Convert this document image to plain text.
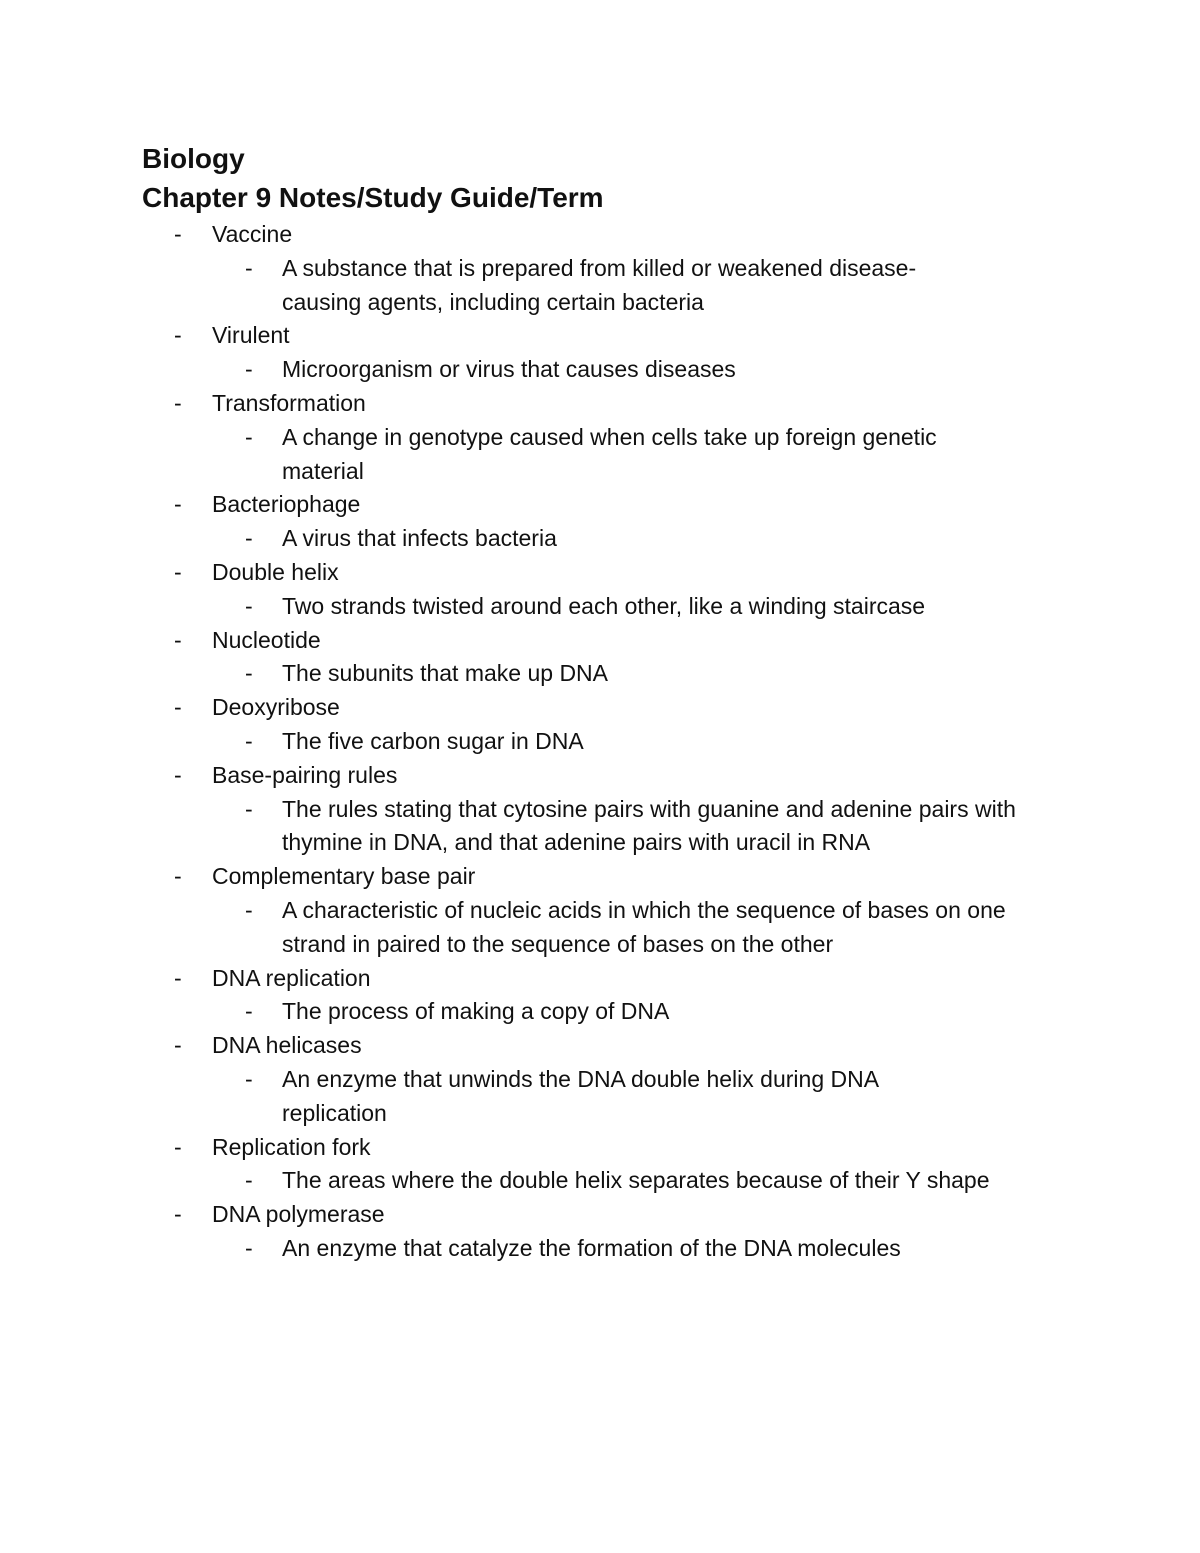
Biology
Chapter 9 Notes/Study Guide/Term
- Vaccine
- A substance that is prepared from killed or weakened disease-causing agents, including certain bacteria
- Virulent
- Microorganism or virus that causes diseases
- Transformation
- A change in genotype caused when cells take up foreign genetic material
- Bacteriophage
- A virus that infects bacteria
- Double helix
- Two strands twisted around each other, like a winding staircase
- Nucleotide
- The subunits that make up DNA
- Deoxyribose
- The five carbon sugar in DNA
- Base-pairing rules
- The rules stating that cytosine pairs with guanine and adenine pairs with thymine in DNA, and that adenine pairs with uracil in RNA
- Complementary base pair
- A characteristic of nucleic acids in which the sequence of bases on one strand in paired to the sequence of bases on the other
- DNA replication
- The process of making a copy of DNA
- DNA helicases
- An enzyme that unwinds the DNA double helix during DNA replication
- Replication fork
- The areas where the double helix separates because of their Y shape
- DNA polymerase
- An enzyme that catalyze the formation of the DNA molecules
